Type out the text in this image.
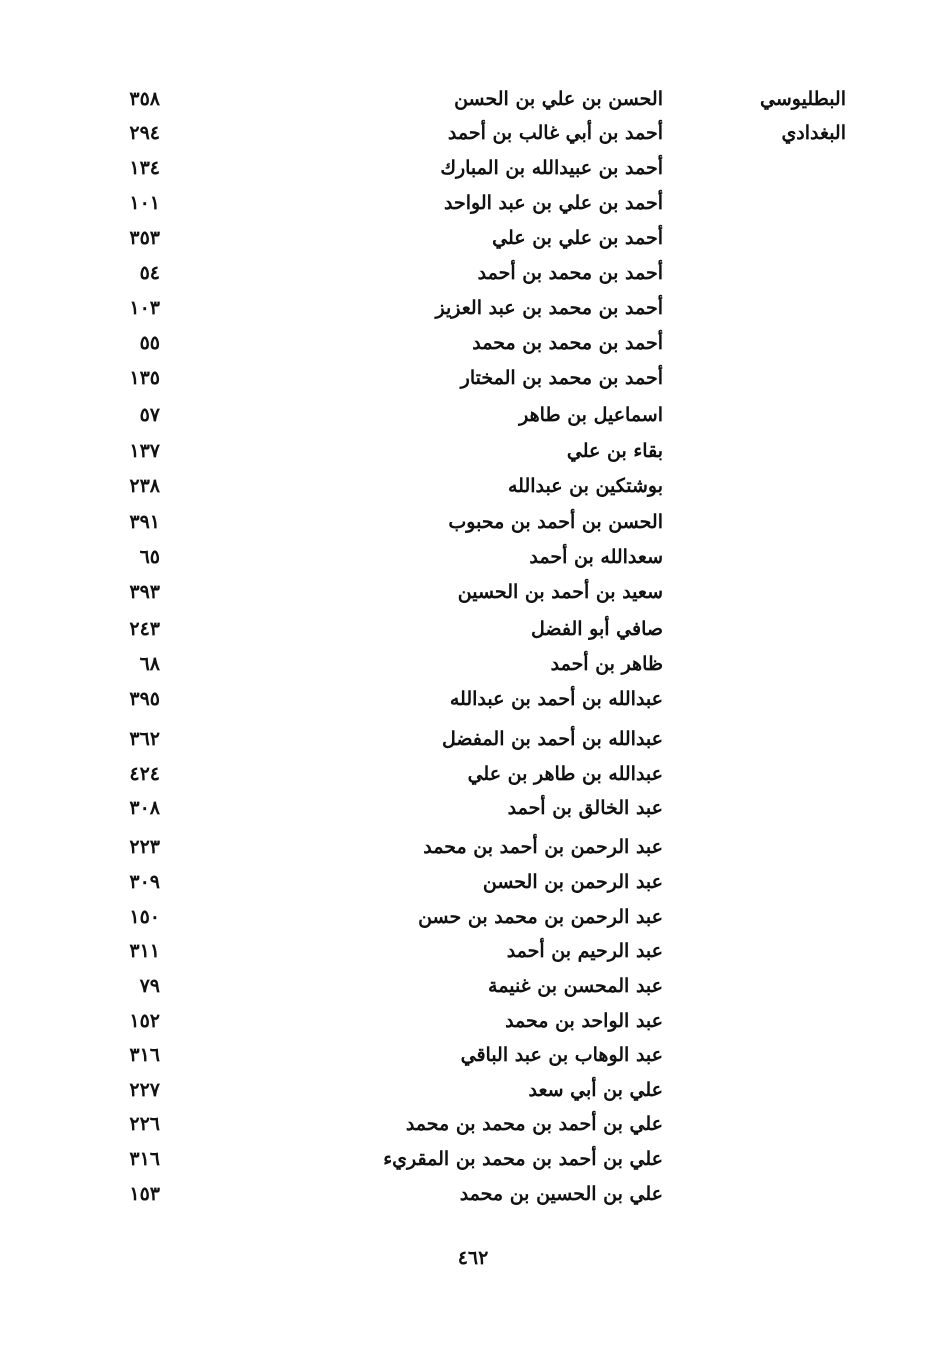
البطليوسي
الحسن بن علي بن الحسن
٣٥٨
البغدادي
أحمد بن أبي غالب بن أحمد
٢٩٤
أحمد بن عبيدالله بن المبارك
١٣٤
أحمد بن علي بن عبد الواحد
١٠١
أحمد بن علي بن علي
٣٥٣
أحمد بن محمد بن أحمد
٥٤
أحمد بن محمد بن عبد العزيز
١٠٣
أحمد بن محمد بن محمد
٥٥
أحمد بن محمد بن المختار
١٣٥
اسماعيل بن طاهر
٥٧
بقاء بن علي
١٣٧
بوشتكين بن عبدالله
٢٣٨
الحسن بن أحمد بن محبوب
٣٩١
سعدالله بن أحمد
٦٥
سعيد بن أحمد بن الحسين
٣٩٣
صافي أبو الفضل
٢٤٣
ظاهر بن أحمد
٦٨
عبدالله بن أحمد بن عبدالله
٣٩٥
عبدالله بن أحمد بن المفضل
٣٦٢
عبدالله بن طاهر بن علي
٤٢٤
عبد الخالق بن أحمد
٣٠٨
عبد الرحمن بن أحمد بن محمد
٢٢٣
عبد الرحمن بن الحسن
٣٠٩
عبد الرحمن بن محمد بن حسن
١٥٠
عبد الرحيم بن أحمد
٣١١
عبد المحسن بن غنيمة
٧٩
عبد الواحد بن محمد
١٥٢
عبد الوهاب بن عبد الباقي
٣١٦
علي بن أبي سعد
٢٢٧
علي بن أحمد بن محمد بن محمد
٢٢٦
علي بن أحمد بن محمد بن المقريء
٣١٦
علي بن الحسين بن محمد
١٥٣
٤٦٢
